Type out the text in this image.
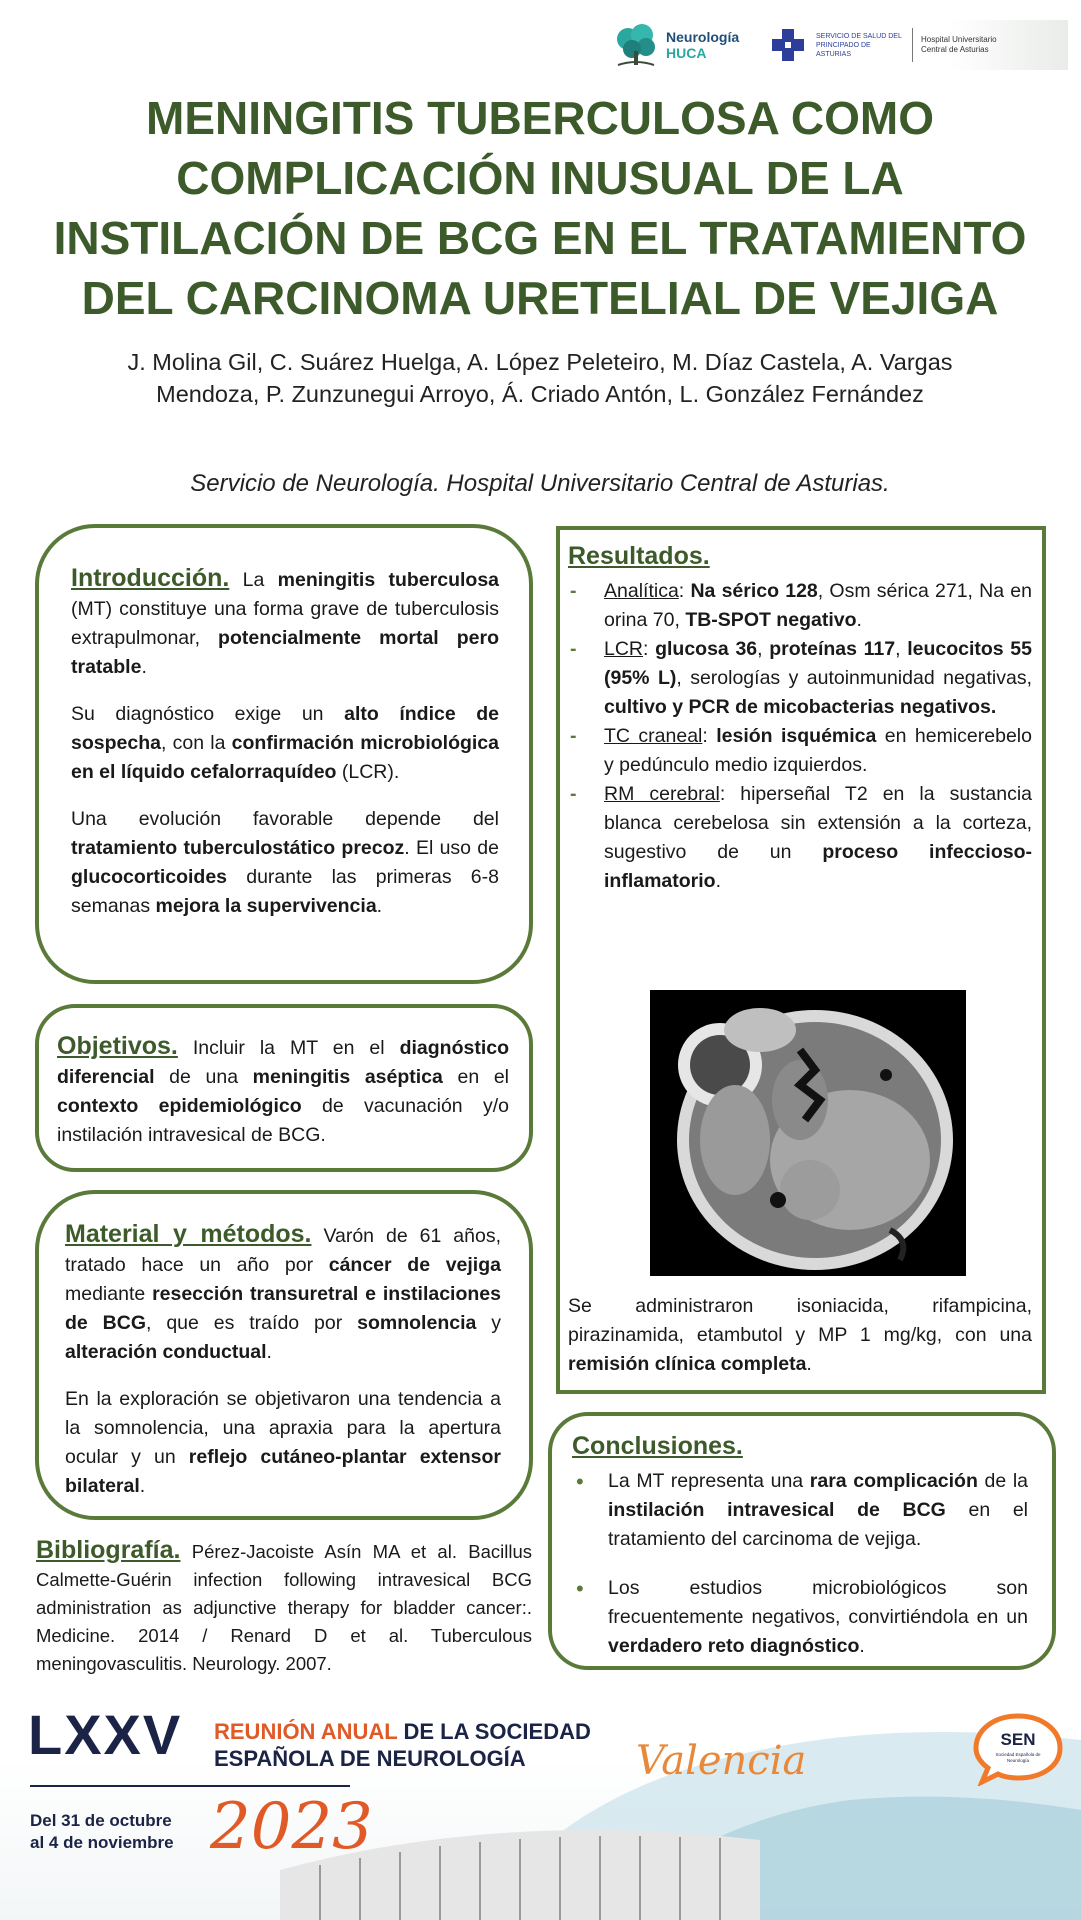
Neurología
HUCA
SERVICIO DE SALUD DEL PRINCIPADO DE ASTURIAS
Hospital Universitario Central de Asturias
MENINGITIS TUBERCULOSA COMO COMPLICACIÓN INUSUAL DE LA INSTILACIÓN DE BCG EN EL TRATAMIENTO DEL CARCINOMA URETELIAL DE VEJIGA
J. Molina Gil, C. Suárez Huelga, A. López Peleteiro, M. Díaz Castela, A. Vargas Mendoza, P. Zunzunegui Arroyo, Á. Criado Antón, L. González Fernández
Servicio de Neurología. Hospital Universitario Central de Asturias.

Introducción. La meningitis tuberculosa (MT) constituye una forma grave de tuberculosis extrapulmonar, potencialmente mortal pero tratable.

Su diagnóstico exige un alto índice de sospecha, con la confirmación microbiológica en el líquido cefalorraquídeo (LCR).

Una evolución favorable depende del tratamiento tuberculostático precoz. El uso de glucocorticoides durante las primeras 6-8 semanas mejora la supervivencia.

Objetivos. Incluir la MT en el diagnóstico diferencial de una meningitis aséptica en el contexto epidemiológico de vacunación y/o instilación intravesical de BCG.

Material y métodos. Varón de 61 años, tratado hace un año por cáncer de vejiga mediante resección transuretral e instilaciones de BCG, que es traído por somnolencia y alteración conductual.

En la exploración se objetivaron una tendencia a la somnolencia, una apraxia para la apertura ocular y un reflejo cutáneo-plantar extensor bilateral.

Bibliografía. Pérez-Jacoiste Asín MA et al. Bacillus Calmette-Guérin infection following intravesical BCG administration as adjunctive therapy for bladder cancer:. Medicine. 2014 / Renard D et al. Tuberculous meningovasculitis. Neurology. 2007.

Resultados.
- Analítica: Na sérico 128, Osm sérica 271, Na en orina 70, TB-SPOT negativo.
- LCR: glucosa 36, proteínas 117, leucocitos 55 (95% L), serologías y autoinmunidad negativas, cultivo y PCR de micobacterias negativos.
- TC craneal: lesión isquémica en hemicerebelo y pedúnculo medio izquierdos.
- RM cerebral: hiperseñal T2 en la sustancia blanca cerebelosa sin extensión a la corteza, sugestivo de un proceso infeccioso-inflamatorio.

Se administraron isoniacida, rifampicina, pirazinamida, etambutol y MP 1 mg/kg, con una remisión clínica completa.

Conclusiones.
• La MT representa una rara complicación de la instilación intravesical de BCG en el tratamiento del carcinoma de vejiga.
• Los estudios microbiológicos son frecuentemente negativos, convirtiéndola en un verdadero reto diagnóstico.
LXXV REUNIÓN ANUAL DE LA SOCIEDAD
ESPAÑOLA DE NEUROLOGÍA
Del 31 de octubre
al 4 de noviembre 2023
Valencia	SEN
Sociedad Española de Neurología
